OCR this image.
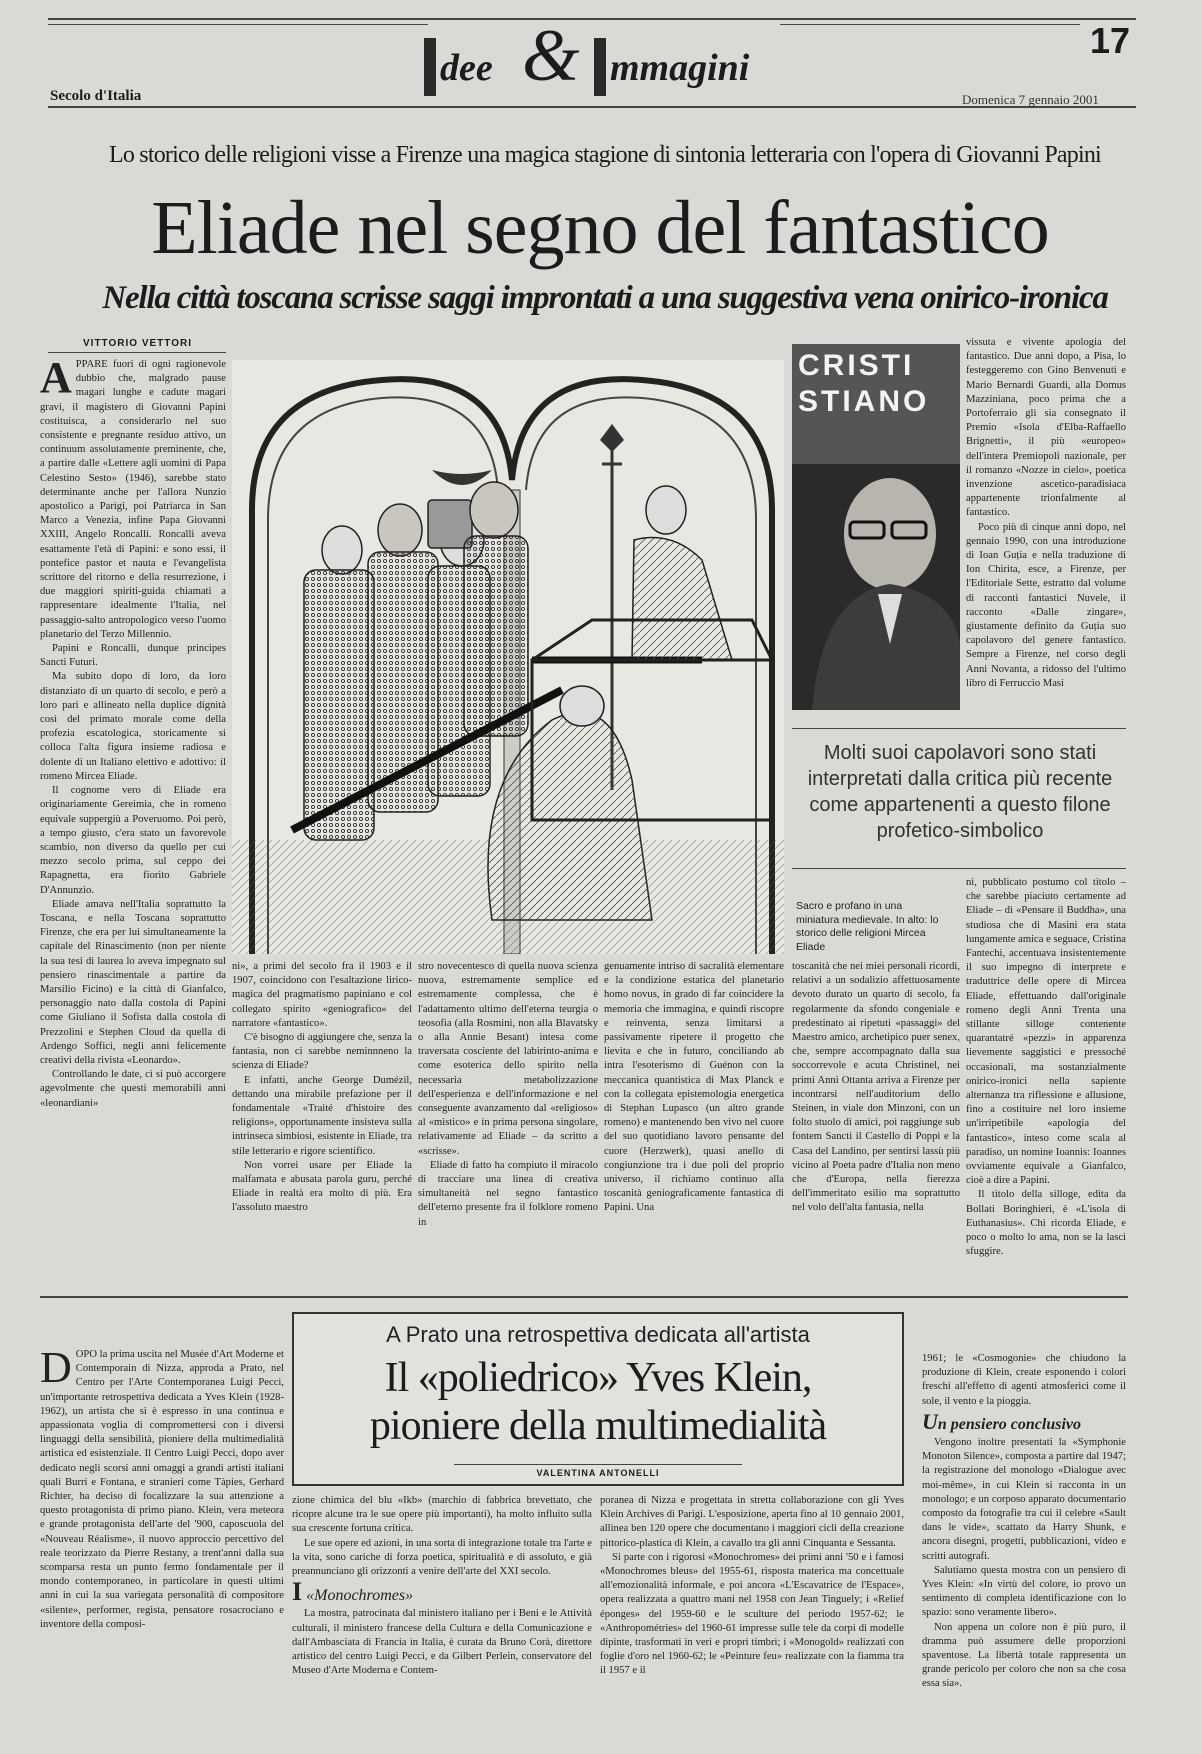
dee & mmagini
17
Secolo d'Italia	Domenica 7 gennaio 2001
Lo storico delle religioni visse a Firenze una magica stagione di sintonia letteraria con l'opera di Giovanni Papini
Eliade nel segno del fantastico
Nella città toscana scrisse saggi improntati a una suggestiva vena onirico-ironica
VITTORIO VETTORI
A PPARE fuori di ogni ragionevole dubbio che, malgrado pause magari lunghe e cadute magari gravi, il magistero di Giovanni Papini costituisca, a considerarlo nel suo consistente e pregnante residuo attivo, un continuum assolutamente preminente, che, a partire dalle «Lettere agli uomini di Papa Celestino Sesto» (1946), sarebbe stato determinante anche per l'allora Nunzio apostolico a Parigi, poi Patriarca in San Marco a Venezia, infine Papa Giovanni XXIII, Angelo Roncalli. Roncalli aveva esattamente l'età di Papini: e sono essi, il pontefice pastor et nauta e l'evangelista scrittore del ritorno e della resurrezione, i due maggiori spiriti-guida chiamati a rappresentare idealmente l'Italia, nel passaggio-salto antropologico verso l'uomo planetario del Terzo Millennio.

Papini e Roncalli, dunque principes Sancti Futuri.

Ma subito dopo di loro, da loro distanziato di un quarto di secolo, e però a loro pari e allineato nella duplice dignità così del primato morale come della profezia escatologica, storicamente si colloca l'alta figura insieme radiosa e dolente di un Italiano elettivo e adottivo: il romeno Mircea Eliade.

Il cognome vero di Eliade era originariamente Gereimia, che in romeno equivale suppergiù a Poveruomo. Poi però, a tempo giusto, c'era stato un favorevole scambio, non diverso da quello per cui mezzo secolo prima, sul ceppo dei Rapagnetta, era fiorito Gabriele D'Annunzio.

Eliade amava nell'Italia soprattutto la Toscana, e nella Toscana soprattutto Firenze, che era per lui simultaneamente la capitale del Rinascimento (non per niente la sua tesi di laurea lo aveva impegnato sul pensiero rinascimentale a partire da Marsilio Ficino) e la città di Gianfalco, personaggio nato dalla costola di Papini come Giuliano il Sofista dalla costola di Prezzolini e Stephen Cloud da quella di Ardengo Soffici, negli anni felicemente creativi della rivista «Leonardo».

Controllando le date, ci si può accorgere agevolmente che questi memorabili anni «leonardiani»

CRISTI STIANO

vissuta e vivente apologia del fantastico. Due anni dopo, a Pisa, lo festeggeremo con Gino Benvenuti e Mario Bernardi Guardi, alla Domus Mazziniana, poco prima che a Portoferraio gli sia consegnato il Premio «Isola d'Elba-Raffaello Brignetti», il più «europeo» dell'intera Premiopoli nazionale, per il romanzo «Nozze in cielo», poetica invenzione ascetico-paradisiaca appartenente trionfalmente al fantastico.

Poco più di cinque anni dopo, nel gennaio 1990, con una introduzione di Ioan Guția e nella traduzione di Ion Chirita, esce, a Firenze, per l'Editoriale Sette, estratto dal volume di racconti fantastici Nuvele, il racconto «Dalle zingare», giustamente definito da Guția suo capolavoro del genere fantastico. Sempre a Firenze, nel corso degli Anni Novanta, a ridosso del l'ultimo libro di Ferruccio Masi

Molti suoi capolavori sono stati interpretati dalla critica più recente come appartenenti a questo filone profetico-simbolico
Sacro e profano in una miniatura medievale. In alto: lo storico delle religioni Mircea Eliade

ni, pubblicato postumo col titolo – che sarebbe piaciuto certamente ad Eliade – di «Pensare il Buddha», una studiosa che di Masini era stata lungamente amica e seguace, Cristina Fantechi, accentuava insistentemente il suo impegno di interprete e traduttrice delle opere di Mircea Eliade, effettuando dall'originale romeno degli Anni Trenta una stillante silloge contenente quarantatré «pezzi» in apparenza lievemente saggistici e pressoché occasionali, ma sostanzialmente onirico-ironici nella sapiente alternanza tra riflessione e allusione, fino a costituire nel loro insieme un'irripetibile «apologia del fantastico», inteso come scala al paradiso, un nomine Ioannis: Ioannes ovviamente equivale a Gianfalco, cioè a dire a Papini.

Il titolo della silloge, edita da Bollati Boringhieri, è «L'isola di Euthanasius». Chi ricorda Eliade, e poco o molto lo ama, non se la lasci sfuggire.

ni», a primi del secolo fra il 1903 e il 1907, coincidono con l'esaltazione lirico-magica del pragmatismo papiniano e col collegato spirito «geniografico» del narratore «fantastico».

C'è bisogno di aggiungere che, senza la fantasia, non ci sarebbe neminnneno la scienza di Eliade?

E infatti, anche George Dumézil, dettando una mirabile prefazione per il fondamentale «Traité d'histoire des religions», opportunamente insisteva sulla intrinseca simbiosi, esistente in Eliade, tra stile letterario e rigore scientifico.

Non vorrei usare per Eliade la malfamata e abusata parola guru, perché Eliade in realtà era molto di più. Era l'assoluto maestro

stro novecentesco di quella nuova scienza nuova, estremamente semplice ed estremamente complessa, che è l'adattamento ultimo dell'eterna teurgia o teosofia (alla Rosmini, non alla Blavatsky o alla Annie Besant) intesa come traversata cosciente del labirinto-anima e come esoterica dello spirito nella necessaria metabolizzazione dell'esperienza e dell'informazione e nel conseguente avanzamento dal «religioso» al «mistico» e in prima persona singolare, relativamente ad Eliade – da scritto a «scrisse».

Eliade di fatto ha compiuto il miracolo di tracciare una linea di creativa simultaneità nel segno fantastico dell'eterno presente fra il folklore romeno in

genuamente intriso di sacralità elementare e la condizione estatica del planetario homo novus, in grado di far coincidere la memoria che immagina, e quindi riscopre e reinventa, senza limitarsi a passivamente ripetere il progetto che lievita e che in futuro, conciliando ab intra l'esoterismo di Guénon con la meccanica quantistica di Max Planck e con la collegata epistemologia energetica di Stephan Lupasco (un altro grande romeno) e mantenendo ben vivo nel cuore del suo quotidiano lavoro pensante del cuore (Herzwerk), quasi anello di congiunzione tra i due poli del proprio universo, il richiamo continuo alla toscanità geniograficamente fantastica di Papini. Una

toscanità che nei miei personali ricordi, relativi a un sodalizio affettuosamente devoto durato un quarto di secolo, fa regolarmente da sfondo congeniale e predestinato ai ripetuti «passaggi» del Maestro amico, archetipico puer senex, che, sempre accompagnato dalla sua soccorrevole e acuta Christinel, nei primi Anni Ottanta arriva a Firenze per incontrarsi nell'auditorium dello Steinen, in viale don Minzoni, con un folto stuolo di amici, poi raggiunge sub fontem Sancti il Castello di Poppi e la Casa del Landino, per sentirsi lassù più vicino al Poeta padre d'Italia non meno che d'Europa, nella fierezza dell'immeritato esilio ma soprattutto nel volo dell'alta fantasia, nella

A Prato una retrospettiva dedicata all'artista
Il «poliedrico» Yves Klein,
pioniere della multimedialità
VALENTINA ANTONELLI
D OPO la prima uscita nel Musée d'Art Moderne et Contemporain di Nizza, approda a Prato, nel Centro per l'Arte Contemporanea Luigi Pecci, un'importante retrospettiva dedicata a Yves Klein (1928-1962), un artista che si è espresso in una continua e appassionata voglia di compromettersi con i diversi linguaggi della sensibilità, pioniere della multimedialità artistica ed esistenziale. Il Centro Luigi Pecci, dopo aver dedicato negli scorsi anni omaggi a grandi artisti italiani quali Burri e Fontana, e stranieri come Tàpies, Gerhard Richter, ha deciso di focalizzare la sua attenzione a questo protagonista di primo piano. Klein, vera meteora e grande protagonista dell'arte del '900, caposcuola del «Nouveau Réalisme», il nuovo approccio percettivo del reale teorizzato da Pierre Restany, a trent'anni dalla sua scomparsa resta un punto fermo fondamentale per il mondo contemporaneo, in particolare in questi ultimi anni in cui la sua variegata personalità di compositore «silente», performer, regista, pensatore rosacrociano e inventore della composi-

zione chimica del blu «Ikb» (marchio di fabbrica brevettato, che ricopre alcune tra le sue opere più importanti), ha molto influito sulla sua crescente fortuna critica.

Le sue opere ed azioni, in una sorta di integrazione totale tra l'arte e la vita, sono cariche di forza poetica, spiritualità e di assoluto, e già preannunciano gli orizzonti a venire dell'arte del XXI secolo.

I «Monochromes»

La mostra, patrocinata dal ministero italiano per i Beni e le Attività culturali, il ministero francese della Cultura e della Comunicazione e dall'Ambasciata di Francia in Italia, è curata da Bruno Corà, direttore artistico del centro Luigi Pecci, e da Gilbert Perlein, conservatore del Museo d'Arte Moderna e Contem-

poranea di Nizza e progettata in stretta collaborazione con gli Yves Klein Archives di Parigi. L'esposizione, aperta fino al 10 gennaio 2001, allinea ben 120 opere che documentano i maggiori cicli della creazione pittorico-plastica di Klein, a cavallo tra gli anni Cinquanta e Sessanta.

Si parte con i rigorosi «Monochromes» dei primi anni '50 e i famosi «Monochromes bleus» del 1955-61, risposta materica ma concettuale all'emozionalità informale, e poi ancora «L'Escavatrice de l'Espace», opera realizzata a quattro mani nel 1958 con Jean Tinguely; i «Relief éponges» del 1959-60 e le sculture del periodo 1957-62; le «Anthropométries» del 1960-61 impresse sulle tele da corpi di modelle dipinte, trasformati in veri e propri timbri; i «Monogold» realizzati con foglie d'oro nel 1960-62; le «Peinture feu» realizzate con la fiamma tra il 1957 e il

1961; le «Cosmogonie» che chiudono la produzione di Klein, create esponendo i colori freschi all'effetto di agenti atmosferici come il sole, il vento e la pioggia.

Un pensiero conclusivo

Vengono inoltre presentati la «Symphonie Monoton Silence», composta a partire dal 1947; la registrazione del monologo «Dialogue avec moi-même», in cui Klein si racconta in un monologo; e un corposo apparato documentario composto da fotografie tra cui il celebre «Sault dans le vide», scattato da Harry Shunk, e ancora disegni, progetti, pubblicazioni, video e scritti autografi.

Salutiamo questa mostra con un pensiero di Yves Klein: «In virtù del colore, io provo un sentimento di completa identificazione con lo spazio: sono veramente libero».

Non appena un colore non è più puro, il dramma può assumere delle proporzioni spaventose. La libertà totale rappresenta un grande pericolo per coloro che non sa che cosa essa sia».
